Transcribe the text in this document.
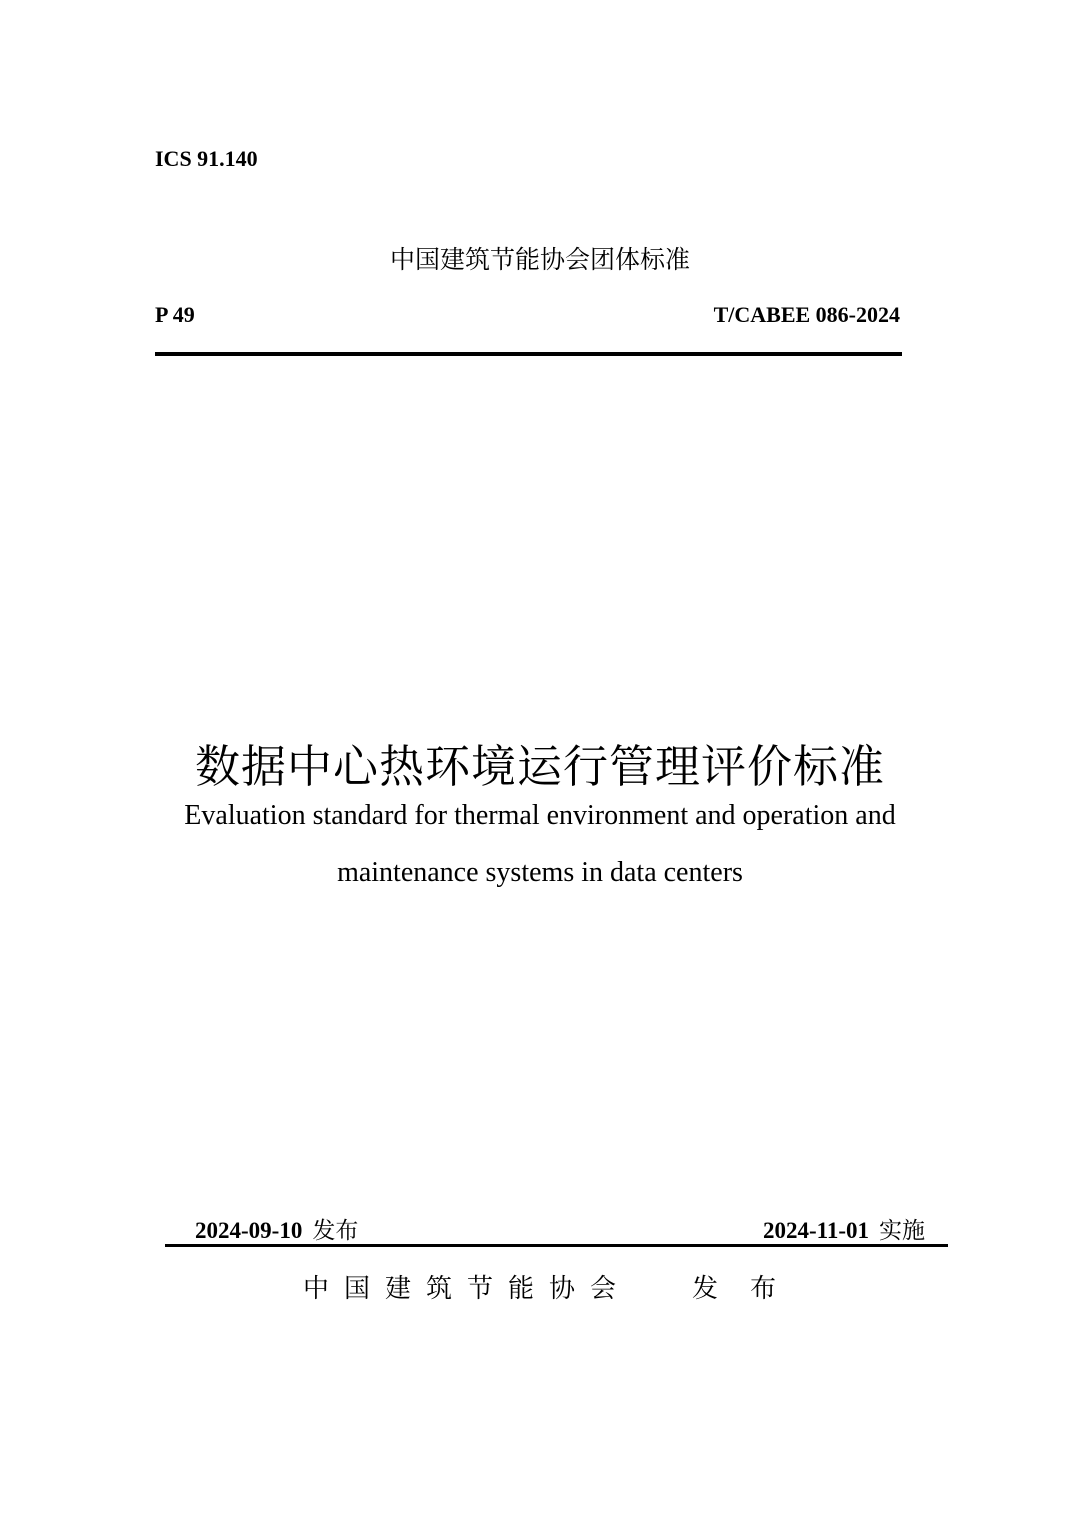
ICS 91.140
中国建筑节能协会团体标准
P 49	T/CABEE 086-2024
数据中心热环境运行管理评价标准
Evaluation standard for thermal environment and operation and
maintenance systems in data centers
2024-09-10 发布	2024-11-01 实施
中国建筑节能协会 发布
